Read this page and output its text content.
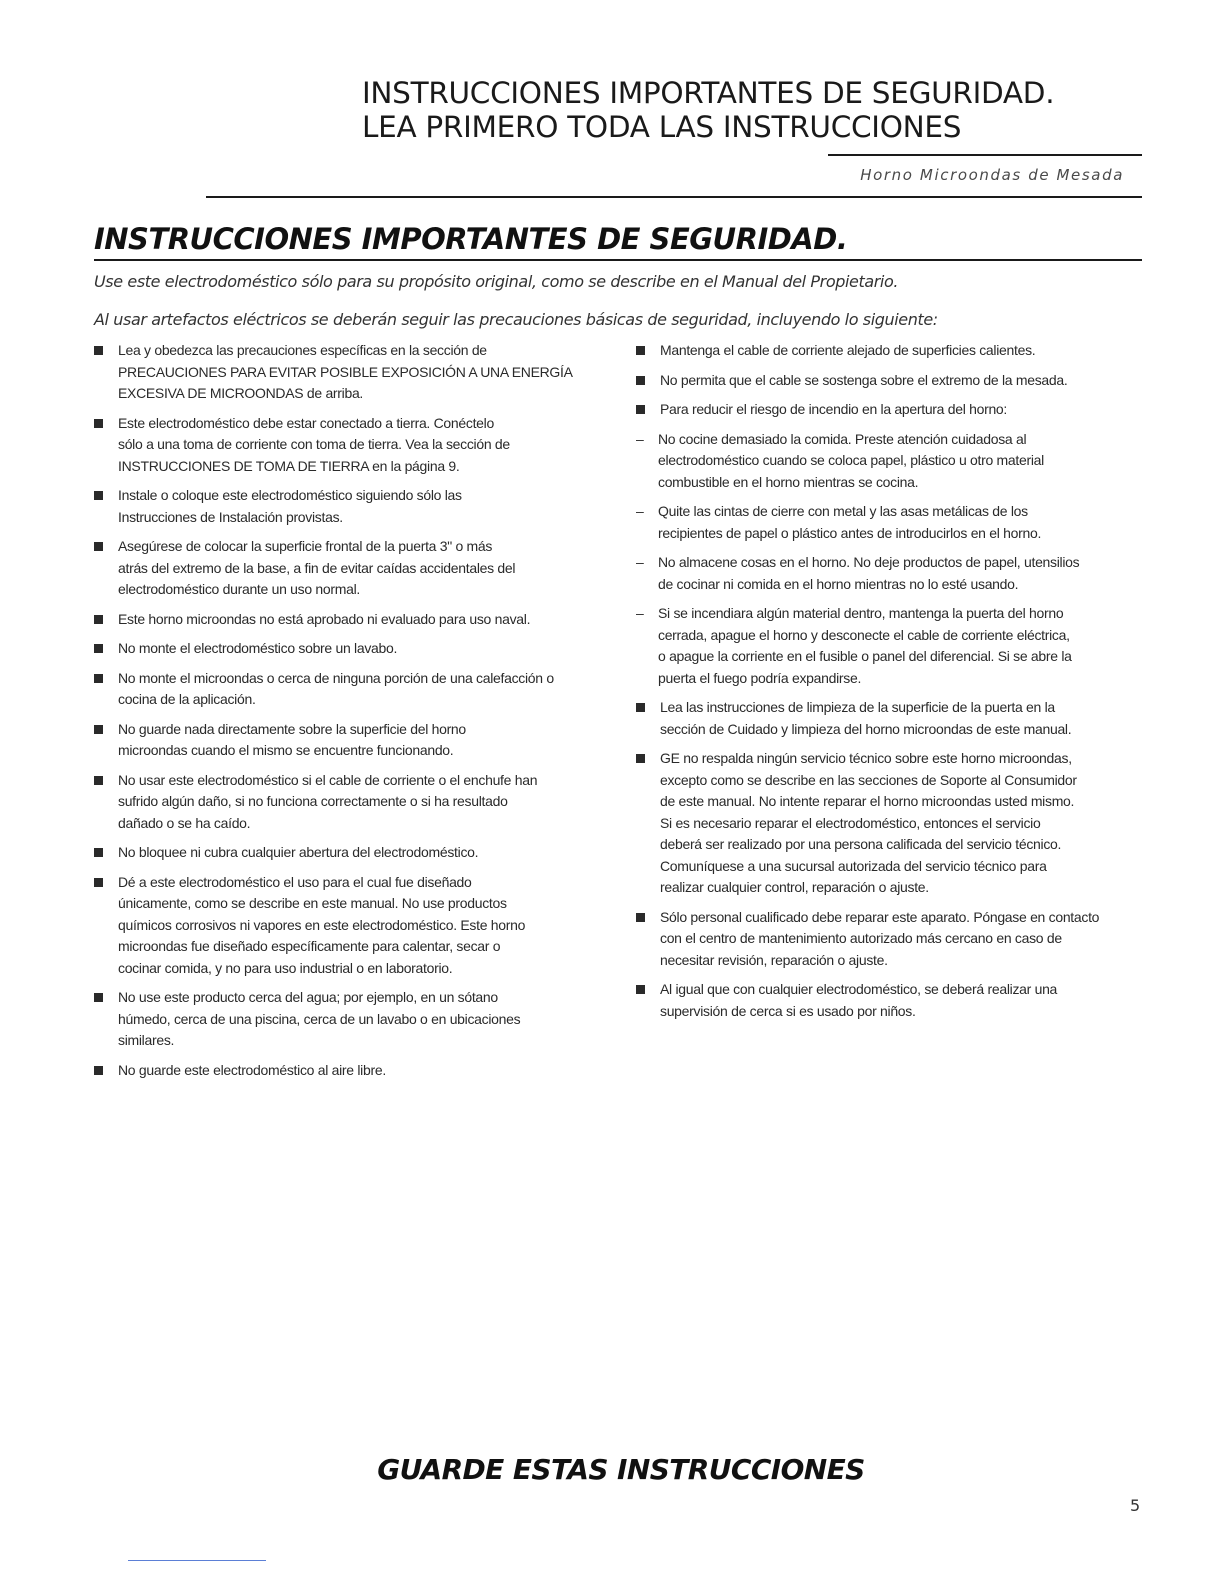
INSTRUCCIONES IMPORTANTES DE SEGURIDAD.
LEA PRIMERO TODA LAS INSTRUCCIONES
Horno Microondas de Mesada
INSTRUCCIONES IMPORTANTES DE SEGURIDAD.
Use este electrodoméstico sólo para su propósito original, como se describe en el Manual del Propietario.
Al usar artefactos eléctricos se deberán seguir las precauciones básicas de seguridad, incluyendo lo siguiente:
Lea y obedezca las precauciones específicas en la sección de
PRECAUCIONES PARA EVITAR POSIBLE EXPOSICIÓN A UNA ENERGÍA
EXCESIVA DE MICROONDAS de arriba.
Este electrodoméstico debe estar conectado a tierra. Conéctelo
sólo a una toma de corriente con toma de tierra. Vea la sección de
INSTRUCCIONES DE TOMA DE TIERRA en la página 9.
Instale o coloque este electrodoméstico siguiendo sólo las
Instrucciones de Instalación provistas.
Asegúrese de colocar la superficie frontal de la puerta 3" o más
atrás del extremo de la base, a fin de evitar caídas accidentales del
electrodoméstico durante un uso normal.
Este horno microondas no está aprobado ni evaluado para uso naval.
No monte el electrodoméstico sobre un lavabo.
No monte el microondas o cerca de ninguna porción de una calefacción o
cocina de la aplicación.
No guarde nada directamente sobre la superficie del horno
microondas cuando el mismo se encuentre funcionando.
No usar este electrodoméstico si el cable de corriente o el enchufe han
sufrido algún daño, si no funciona correctamente o si ha resultado
dañado o se ha caído.
No bloquee ni cubra cualquier abertura del electrodoméstico.
Dé a este electrodoméstico el uso para el cual fue diseñado
únicamente, como se describe en este manual. No use productos
químicos corrosivos ni vapores en este electrodoméstico. Este horno
microondas fue diseñado específicamente para calentar, secar o
cocinar comida, y no para uso industrial o en laboratorio.
No use este producto cerca del agua; por ejemplo, en un sótano
húmedo, cerca de una piscina, cerca de un lavabo o en ubicaciones
similares.
No guarde este electrodoméstico al aire libre.
Mantenga el cable de corriente alejado de superficies calientes.
No permita que el cable se sostenga sobre el extremo de la mesada.
Para reducir el riesgo de incendio en la apertura del horno:
– No cocine demasiado la comida. Preste atención cuidadosa al
electrodoméstico cuando se coloca papel, plástico u otro material
combustible en el horno mientras se cocina.
– Quite las cintas de cierre con metal y las asas metálicas de los
recipientes de papel o plástico antes de introducirlos en el horno.
– No almacene cosas en el horno. No deje productos de papel, utensilios
de cocinar ni comida en el horno mientras no lo esté usando.
– Si se incendiara algún material dentro, mantenga la puerta del horno
cerrada, apague el horno y desconecte el cable de corriente eléctrica,
o apague la corriente en el fusible o panel del diferencial. Si se abre la
puerta el fuego podría expandirse.
Lea las instrucciones de limpieza de la superficie de la puerta en la
sección de Cuidado y limpieza del horno microondas de este manual.
GE no respalda ningún servicio técnico sobre este horno microondas,
excepto como se describe en las secciones de Soporte al Consumidor
de este manual. No intente reparar el horno microondas usted mismo.
Si es necesario reparar el electrodoméstico, entonces el servicio
deberá ser realizado por una persona calificada del servicio técnico.
Comuníquese a una sucursal autorizada del servicio técnico para
realizar cualquier control, reparación o ajuste.
Sólo personal cualificado debe reparar este aparato. Póngase en contacto
con el centro de mantenimiento autorizado más cercano en caso de
necesitar revisión, reparación o ajuste.
Al igual que con cualquier electrodoméstico, se deberá realizar una
supervisión de cerca si es usado por niños.
GUARDE ESTAS INSTRUCCIONES
5
